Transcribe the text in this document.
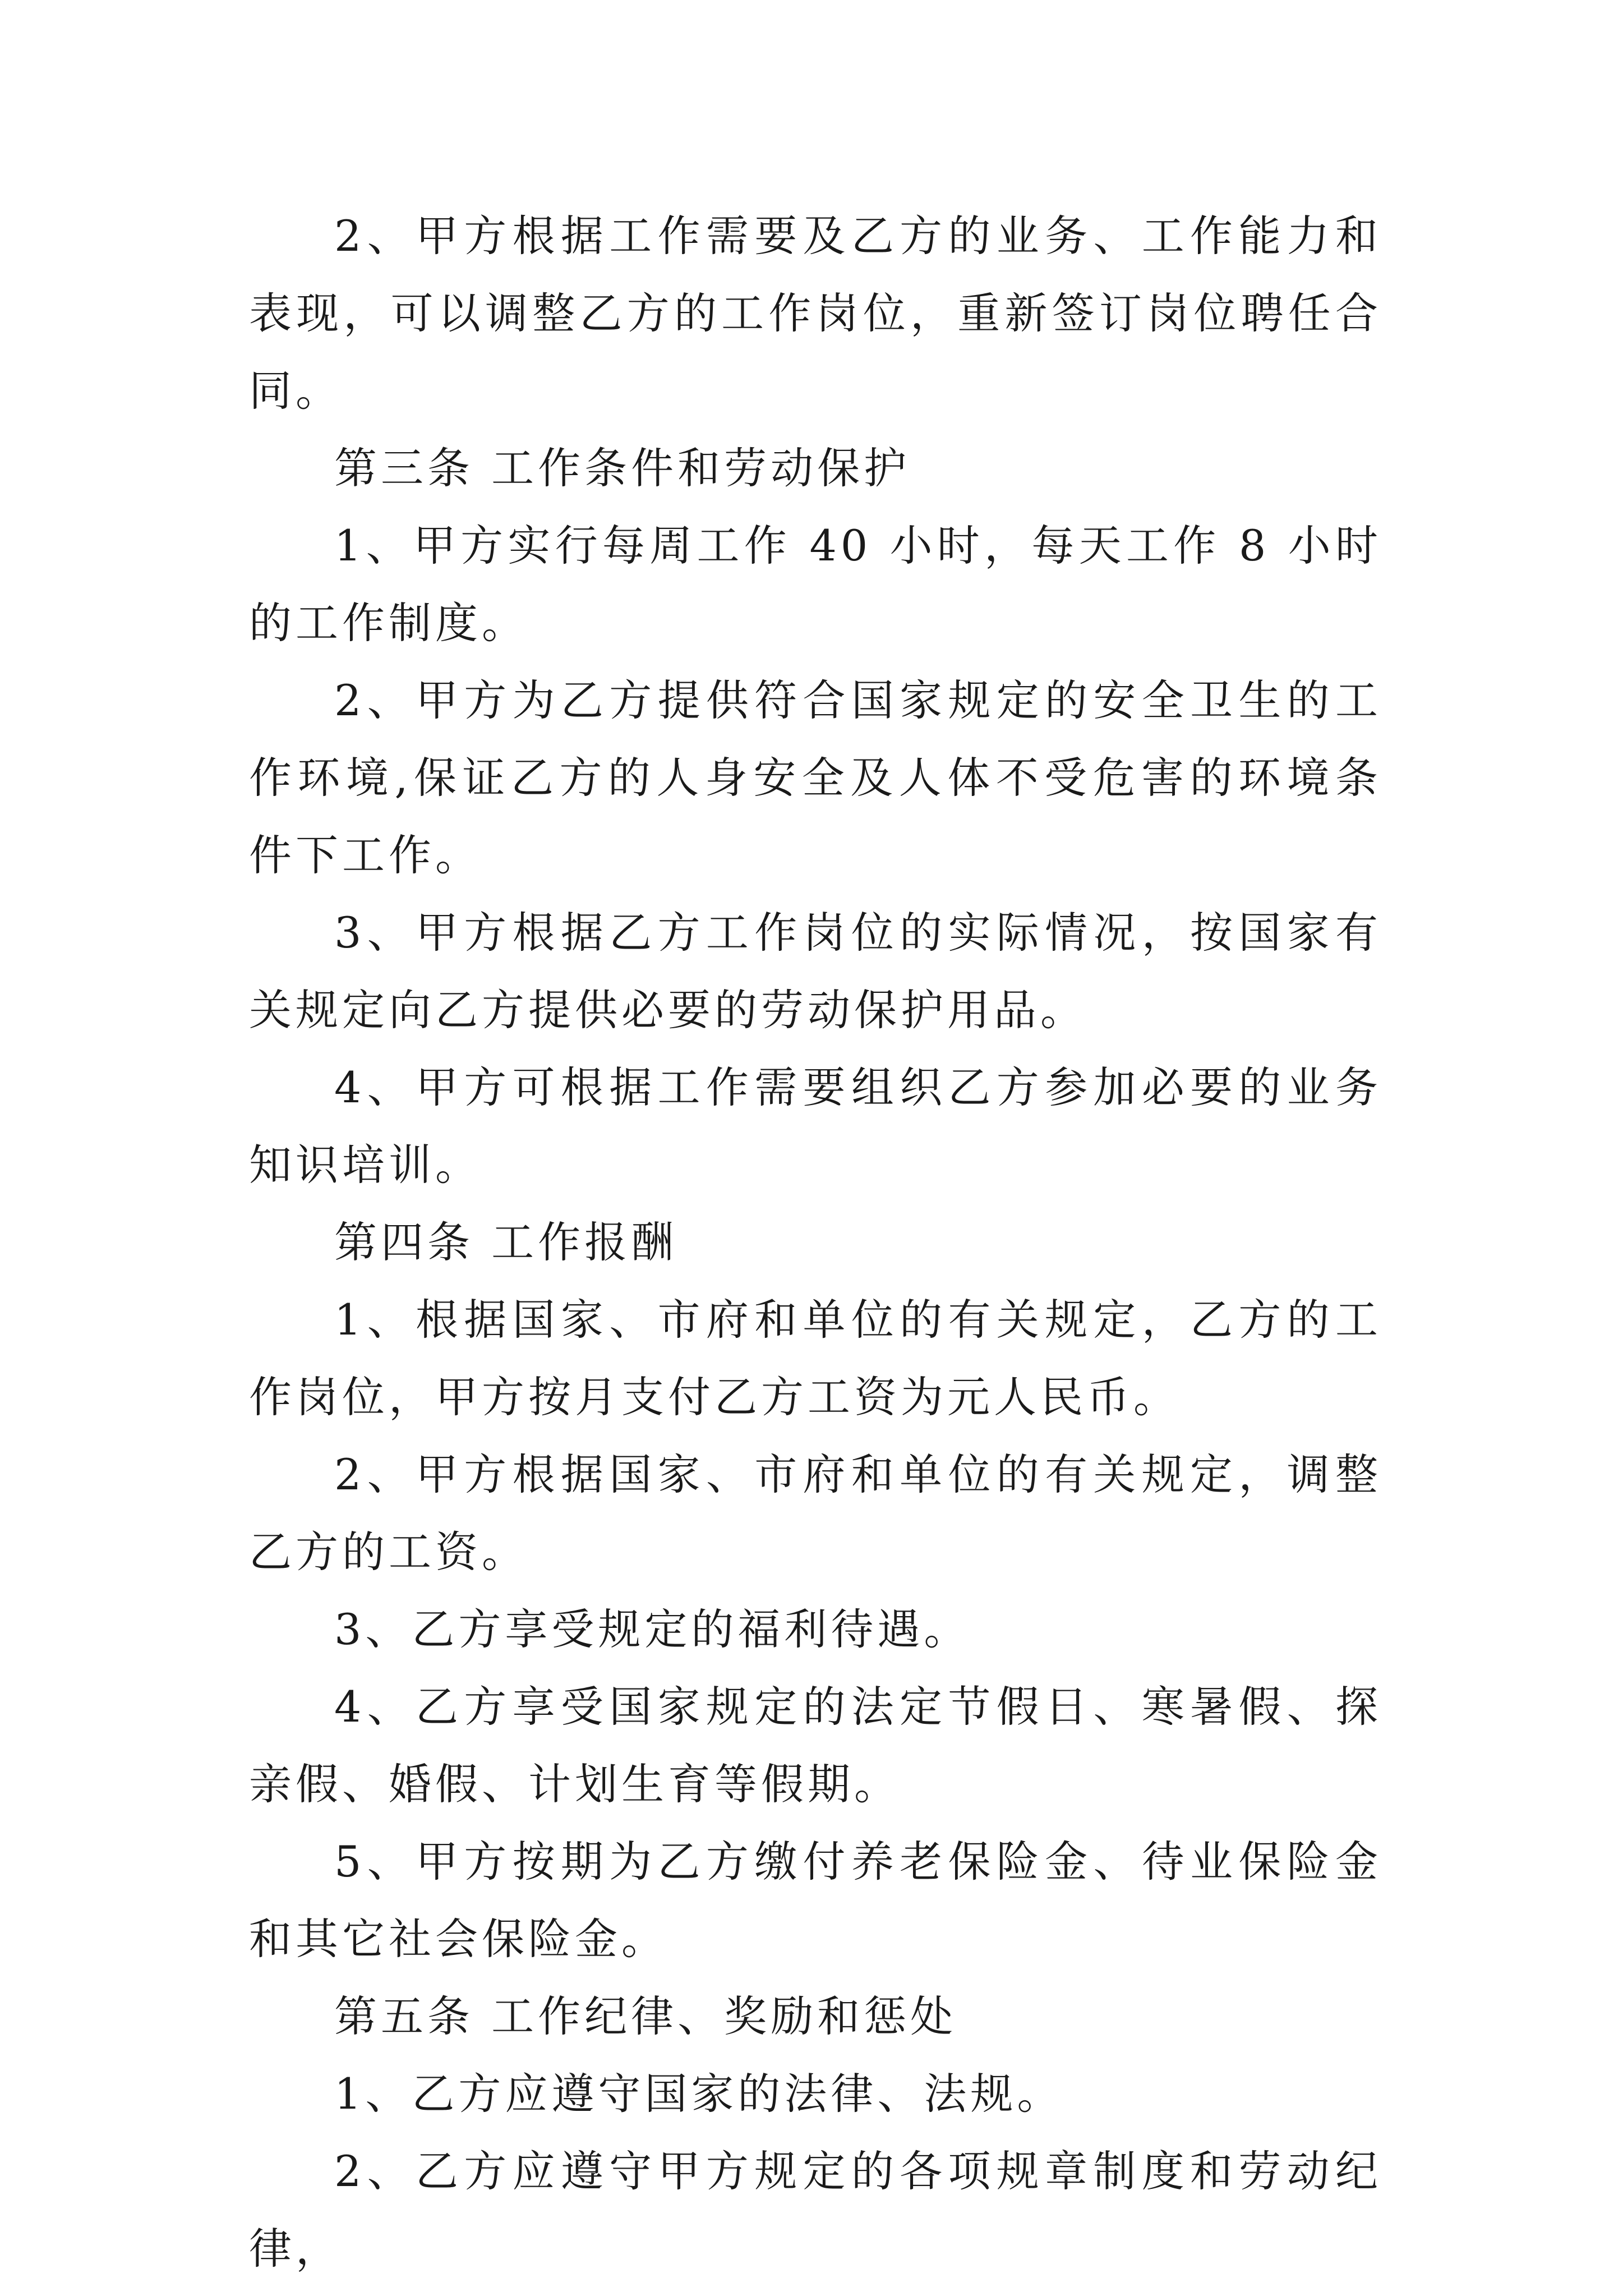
2、甲方根据工作需要及乙方的业务、工作能力和表现，可以调整乙方的工作岗位，重新签订岗位聘任合同。

第三条 工作条件和劳动保护

1、甲方实行每周工作 40 小时，每天工作 8 小时的工作制度。

2、甲方为乙方提供符合国家规定的安全卫生的工作环境,保证乙方的人身安全及人体不受危害的环境条件下工作。

3、甲方根据乙方工作岗位的实际情况，按国家有关规定向乙方提供必要的劳动保护用品。

4、甲方可根据工作需要组织乙方参加必要的业务知识培训。

第四条 工作报酬

1、根据国家、市府和单位的有关规定，乙方的工作岗位，甲方按月支付乙方工资为元人民币。

2、甲方根据国家、市府和单位的有关规定，调整乙方的工资。

3、乙方享受规定的福利待遇。

4、乙方享受国家规定的法定节假日、寒暑假、探亲假、婚假、计划生育等假期。

5、甲方按期为乙方缴付养老保险金、待业保险金和其它社会保险金。

第五条 工作纪律、奖励和惩处

1、乙方应遵守国家的法律、法规。

2、乙方应遵守甲方规定的各项规章制度和劳动纪律，
